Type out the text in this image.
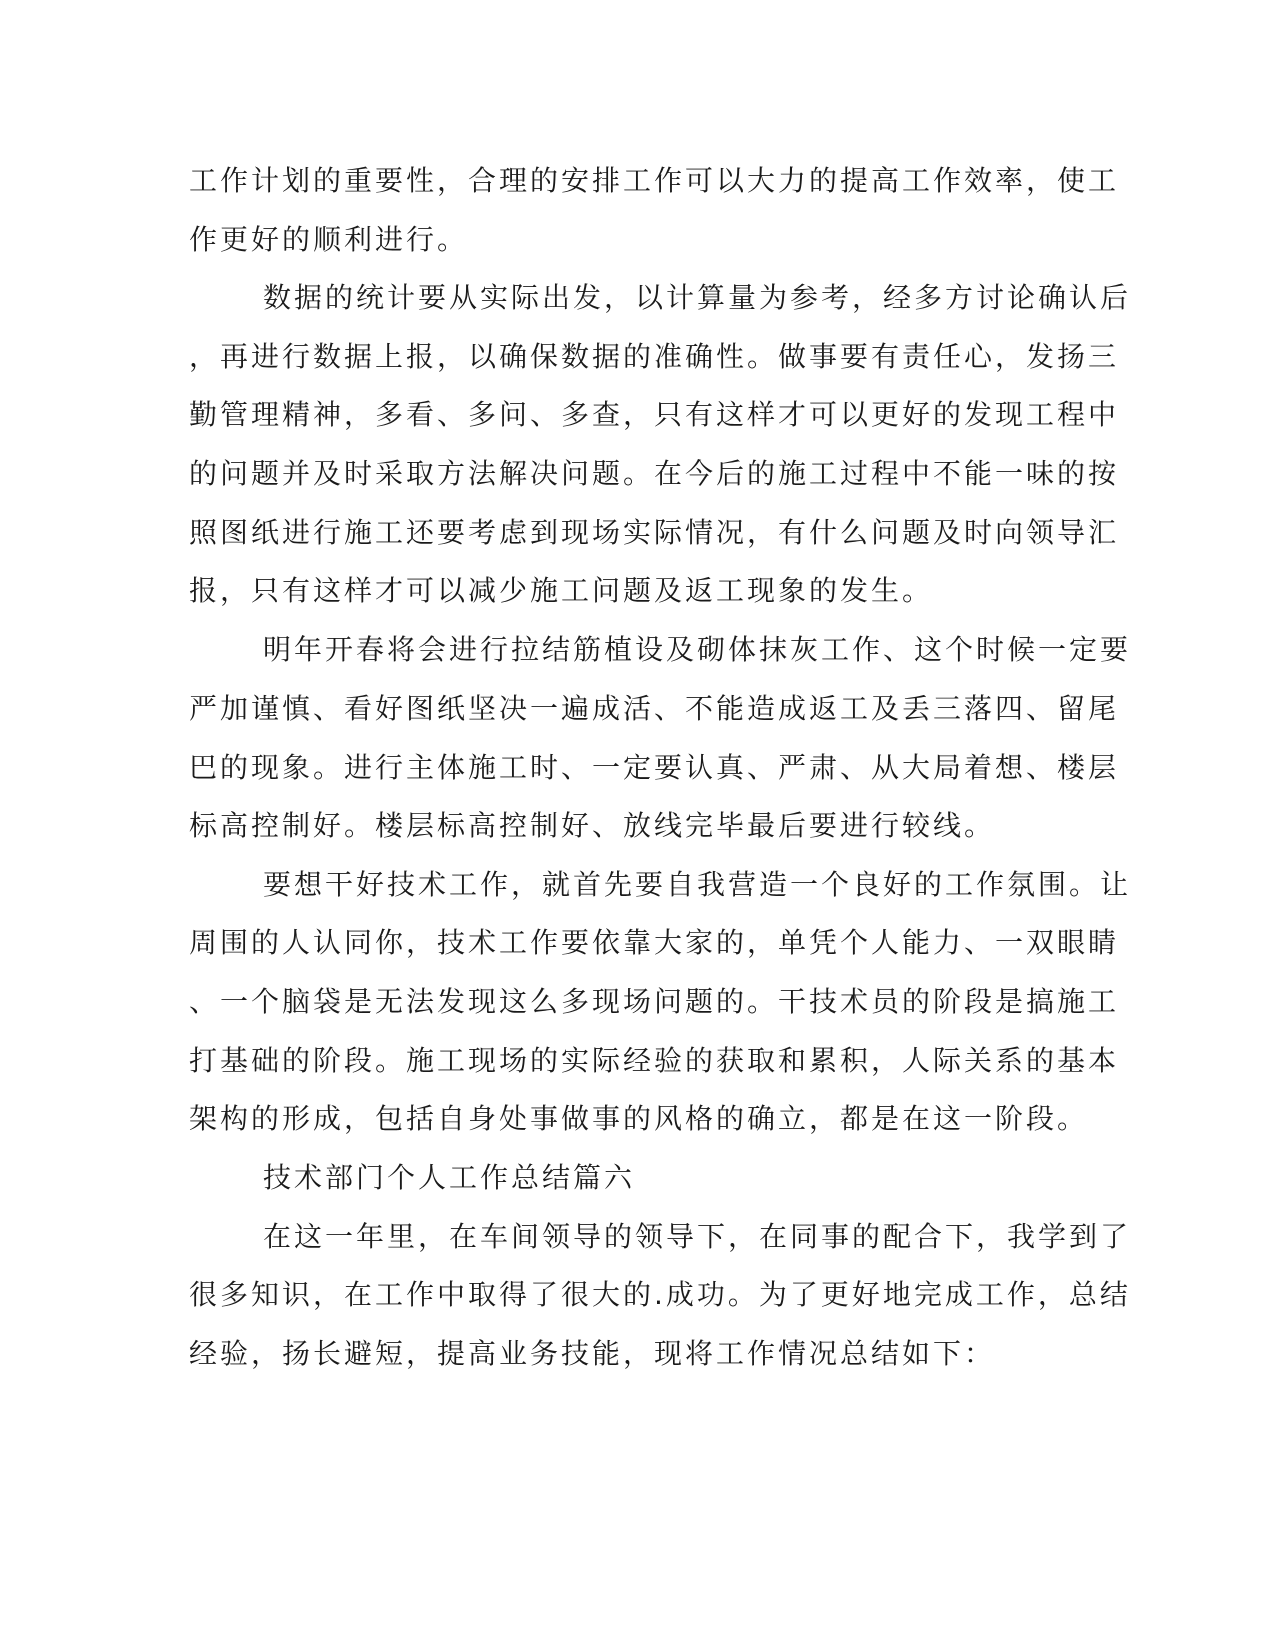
工作计划的重要性，合理的安排工作可以大力的提高工作效率，使工
作更好的顺利进行。
数据的统计要从实际出发，以计算量为参考，经多方讨论确认后
，再进行数据上报，以确保数据的准确性。做事要有责任心，发扬三
勤管理精神，多看、多问、多查，只有这样才可以更好的发现工程中
的问题并及时采取方法解决问题。在今后的施工过程中不能一味的按
照图纸进行施工还要考虑到现场实际情况，有什么问题及时向领导汇
报，只有这样才可以减少施工问题及返工现象的发生。
明年开春将会进行拉结筋植设及砌体抹灰工作、这个时候一定要
严加谨慎、看好图纸坚决一遍成活、不能造成返工及丢三落四、留尾
巴的现象。进行主体施工时、一定要认真、严肃、从大局着想、楼层
标高控制好。楼层标高控制好、放线完毕最后要进行较线。
要想干好技术工作，就首先要自我营造一个良好的工作氛围。让
周围的人认同你，技术工作要依靠大家的，单凭个人能力、一双眼睛
、一个脑袋是无法发现这么多现场问题的。干技术员的阶段是搞施工
打基础的阶段。施工现场的实际经验的获取和累积，人际关系的基本
架构的形成，包括自身处事做事的风格的确立，都是在这一阶段。
技术部门个人工作总结篇六
在这一年里，在车间领导的领导下，在同事的配合下，我学到了
很多知识，在工作中取得了很大的.成功。为了更好地完成工作，总结
经验，扬长避短，提高业务技能，现将工作情况总结如下：
